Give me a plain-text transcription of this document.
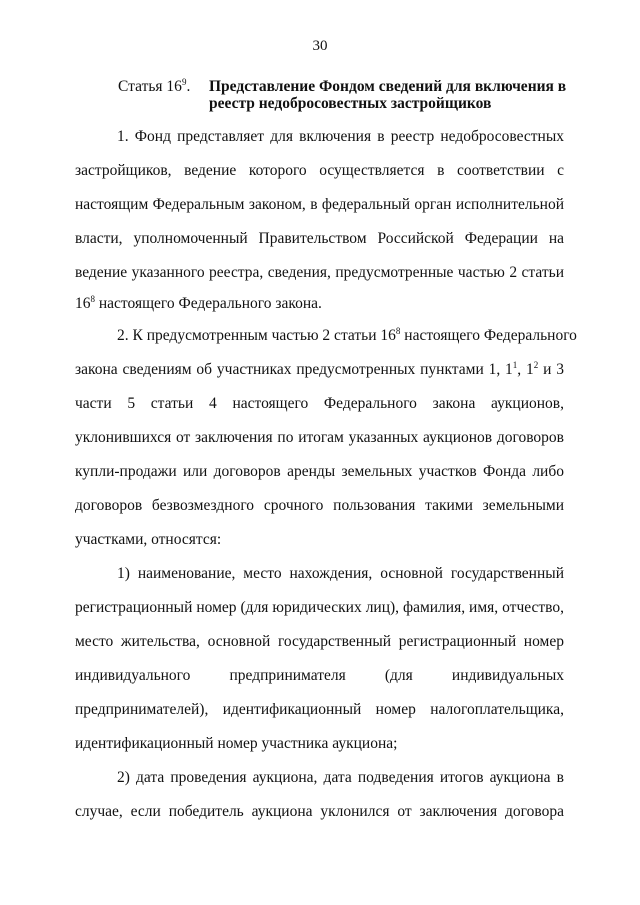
30
Статья $16^9$. Представление Фондом сведений для включения в реестр недобросовестных застройщиков
1. Фонд представляет для включения в реестр недобросовестных
застройщиков, ведение которого осуществляется в соответствии с
настоящим Федеральным законом, в федеральный орган исполнительной
власти, уполномоченный Правительством Российской Федерации на
ведение указанного реестра, сведения, предусмотренные частью 2 статьи
$16^8$ настоящего Федерального закона.
2. К предусмотренным частью 2 статьи $16^8$ настоящего Федерального
закона сведениям об участниках предусмотренных пунктами 1, $1^1$, $1^2$ и 3
части 5 статьи 4 настоящего Федерального закона аукционов,
уклонившихся от заключения по итогам указанных аукционов договоров
купли-продажи или договоров аренды земельных участков Фонда либо
договоров безвозмездного срочного пользования такими земельными
участками, относятся:
1) наименование, место нахождения, основной государственный
регистрационный номер (для юридических лиц), фамилия, имя, отчество,
место жительства, основной государственный регистрационный номер
индивидуального предпринимателя (для индивидуальных
предпринимателей), идентификационный номер налогоплательщика,
идентификационный номер участника аукциона;
2) дата проведения аукциона, дата подведения итогов аукциона в
случае, если победитель аукциона уклонился от заключения договора
